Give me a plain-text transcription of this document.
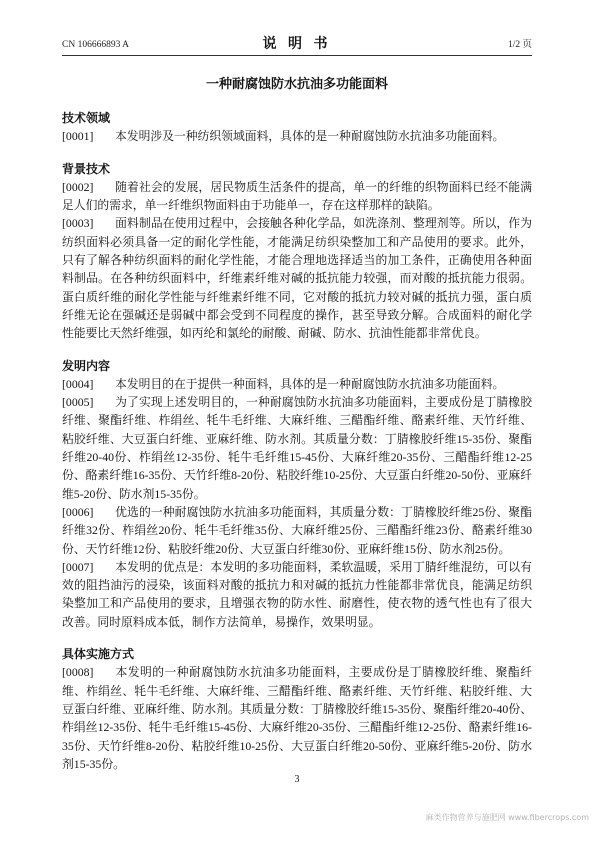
CN 106666893 A	说 明 书	1/2 页
一种耐腐蚀防水抗油多功能面料
技术领域

[0001] 本发明涉及一种纺织领域面料，具体的是一种耐腐蚀防水抗油多功能面料。

背景技术

[0002] 随着社会的发展，居民物质生活条件的提高，单一的纤维的织物面料已经不能满足人们的需求，单一纤维织物面料由于功能单一，存在这样那样的缺陷。

[0003] 面料制品在使用过程中，会接触各种化学品，如洗涤剂、整理剂等。所以，作为纺织面料必须具备一定的耐化学性能，才能满足纺织染整加工和产品使用的要求。此外，只有了解各种纺织面料的耐化学性能，才能合理地选择适当的加工条件，正确使用各种面料制品。在各种纺织面料中，纤维素纤维对碱的抵抗能力较强，而对酸的抵抗能力很弱。蛋白质纤维的耐化学性能与纤维素纤维不同，它对酸的抵抗力较对碱的抵抗力强，蛋白质纤维无论在强碱还是弱碱中都会受到不同程度的操作，甚至导致分解。合成面料的耐化学性能要比天然纤维强，如丙纶和氯纶的耐酸、耐碱、防水、抗油性能都非常优良。

发明内容

[0004] 本发明目的在于提供一种面料，具体的是一种耐腐蚀防水抗油多功能面料。

[0005] 为了实现上述发明目的，一种耐腐蚀防水抗油多功能面料，主要成份是丁腈橡胶纤维、聚酯纤维、柞绢丝、牦牛毛纤维、大麻纤维、三醋酯纤维、酪素纤维、天竹纤维、粘胶纤维、大豆蛋白纤维、亚麻纤维、防水剂。其质量分数：丁腈橡胶纤维15-35份、聚酯纤维20-40份、柞绢丝12-35份、牦牛毛纤维15-45份、大麻纤维20-35份、三醋酯纤维12-25份、酪素纤维16-35份、天竹纤维8-20份、粘胶纤维10-25份、大豆蛋白纤维20-50份、亚麻纤维5-20份、防水剂15-35份。

[0006] 优选的一种耐腐蚀防水抗油多功能面料，其质量分数：丁腈橡胶纤维25份、聚酯纤维32份、柞绢丝20份、牦牛毛纤维35份、大麻纤维25份、三醋酯纤维23份、酪素纤维30份、天竹纤维12份、粘胶纤维20份、大豆蛋白纤维30份、亚麻纤维15份、防水剂25份。

[0007] 本发明的优点是：本发明的多功能面料，柔软温暖，采用丁腈纤维混纺，可以有效的阻挡油污的浸染，该面料对酸的抵抗力和对碱的抵抗力性能都非常优良，能满足纺织染整加工和产品使用的要求，且增强衣物的防水性、耐磨性，使衣物的透气性也有了很大改善。同时原料成本低，制作方法简单，易操作，效果明显。

具体实施方式

[0008] 本发明的一种耐腐蚀防水抗油多功能面料，主要成份是丁腈橡胶纤维、聚酯纤维、柞绢丝、牦牛毛纤维、大麻纤维、三醋酯纤维、酪素纤维、天竹纤维、粘胶纤维、大豆蛋白纤维、亚麻纤维、防水剂。其质量分数：丁腈橡胶纤维15-35份、聚酯纤维20-40份、柞绢丝12-35份、牦牛毛纤维15-45份、大麻纤维20-35份、三醋酯纤维12-25份、酪素纤维16-35份、天竹纤维8-20份、粘胶纤维10-25份、大豆蛋白纤维20-50份、亚麻纤维5-20份、防水剂15-35份。

3
麻类作物营养与施肥网 www.fibercrops.com
